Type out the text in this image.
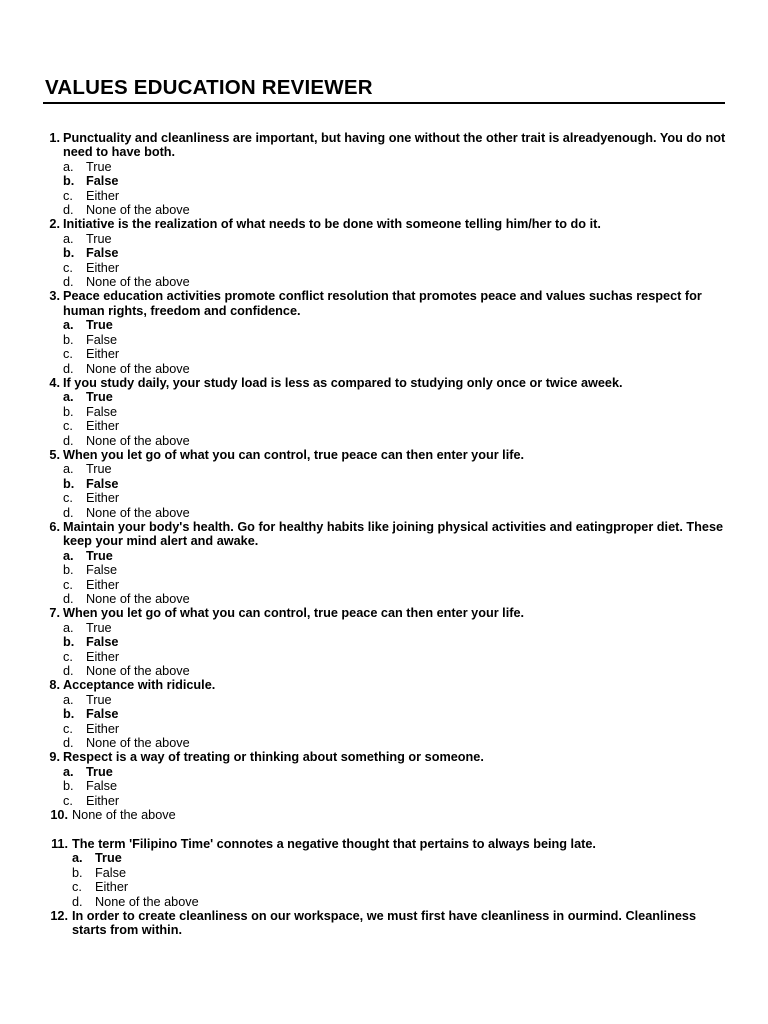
VALUES EDUCATION REVIEWER
1. Punctuality and cleanliness are important, but having one without the other trait is alreadyenough. You do not need to have both.
a. True
b. False
c. Either
d. None of the above
2. Initiative is the realization of what needs to be done with someone telling him/her to do it.
a. True
b. False
c. Either
d. None of the above
3. Peace education activities promote conflict resolution that promotes peace and values suchas respect for human rights, freedom and confidence.
a. True
b. False
c. Either
d. None of the above
4. If you study daily, your study load is less as compared to studying only once or twice aweek.
a. True
b. False
c. Either
d. None of the above
5. When you let go of what you can control, true peace can then enter your life.
a. True
b. False
c. Either
d. None of the above
6. Maintain your body's health. Go for healthy habits like joining physical activities and eatingproper diet. These keep your mind alert and awake.
a. True
b. False
c. Either
d. None of the above
7. When you let go of what you can control, true peace can then enter your life.
a. True
b. False
c. Either
d. None of the above
8. Acceptance with ridicule.
a. True
b. False
c. Either
d. None of the above
9. Respect is a way of treating or thinking about something or someone.
a. True
b. False
c. Either
10. None of the above
11. The term 'Filipino Time' connotes a negative thought that pertains to always being late.
a. True
b. False
c. Either
d. None of the above
12. In order to create cleanliness on our workspace, we must first have cleanliness in ourmind. Cleanliness starts from within.
